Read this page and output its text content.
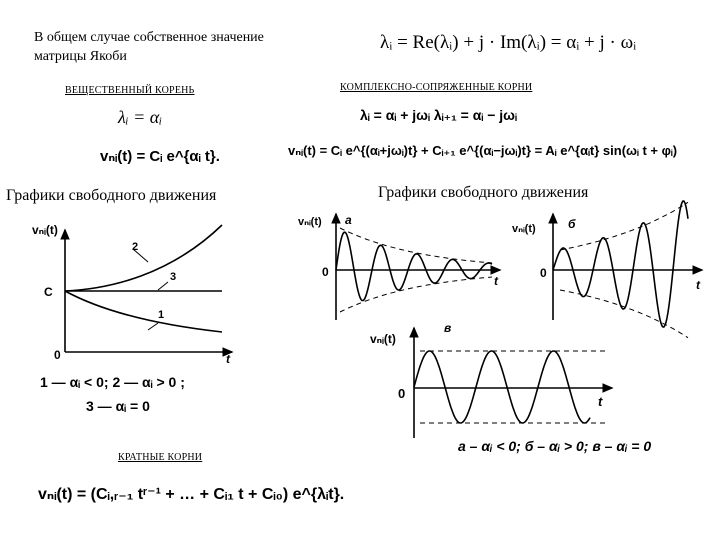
В общем случае собственное значение
матрицы Якоби
λᵢ = Re(λᵢ) + j · Im(λᵢ) = αᵢ + j · ωᵢ
ВЕЩЕСТВЕННЫЙ КОРЕНЬ
λᵢ = αᵢ
vₙᵢ(t) = Cᵢ e^{αᵢ t}.
Графики свободного движения
КОМПЛЕКСНО-СОПРЯЖЕННЫЕ КОРНИ
λᵢ = αᵢ + jωᵢ λᵢ₊₁ = αᵢ − jωᵢ
vₙᵢ(t) = Cᵢ e^{(αᵢ+jωᵢ)t} + Cᵢ₊₁ e^{(αᵢ−jωᵢ)t} = Aᵢ e^{αᵢt} sin(ωᵢ t + φᵢ)
Графики свободного движения
vₙᵢ(t)
t
0
C
2
3
1
vₙᵢ(t) а
0
t
vₙᵢ(t)	б
0
t
vₙᵢ(t)
в
0
t
1 — αᵢ < 0; 2 — αᵢ > 0 ;
3 — αᵢ = 0
а – αᵢ < 0; б – αᵢ > 0; в – αᵢ = 0
КРАТНЫЕ КОРНИ
vₙᵢ(t) = (Cᵢ,ᵣ₋₁ tʳ⁻¹ + … + Cᵢ₁ t + Cᵢ₀) e^{λᵢt}.
